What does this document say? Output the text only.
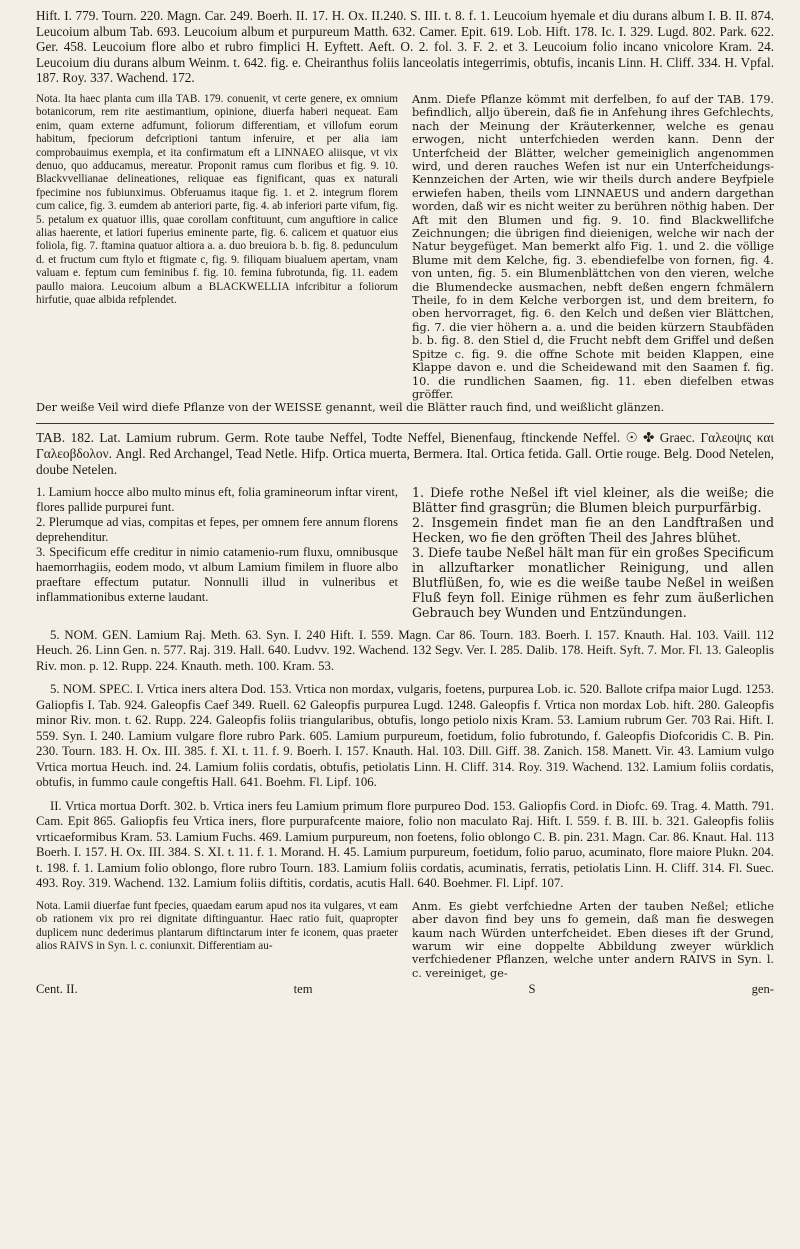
Hift. I. 779. Tourn. 220. Magn. Car. 249. Boerh. II. 17. H. Ox. II.240. S. III. t. 8. f. 1. Leucoium hyemale et diu durans album I. B. II. 874. Leucoium album Tab. 693. Leucoium album et purpureum Matth. 632. Camer. Epit. 619. Lob. Hift. 178. Ic. I. 329. Lugd. 802. Park. 622. Ger. 458. Leucoium flore albo et rubro fimplici H. Eyftett. Aeft. O. 2. fol. 3. F. 2. et 3. Leucoium folio incano vnicolore Kram. 24. Leucoium diu durans album Weinm. t. 642. fig. e. Cheiranthus foliis lanceolatis integerrimis, obtufis, incanis Linn. H. Cliff. 334. H. Vpfal. 187. Roy. 337. Wachend. 172.

Nota. Ita haec planta cum illa TAB. 179. conuenit, vt certe genere, ex omnium botanicorum, rem rite aestimantium, opinione, diuerfa haberi nequeat. Eam enim, quam externe adfumunt, foliorum differentiam, et villofum eorum habitum, fpeciorum defcriptioni tantum inferuire, et per alia iam comprobauimus exempla, et ita confirmatum eft a LINNAEO aliisque, vt vix denuo, quo adducamus, mereatur. Proponit ramus cum floribus et fig. 9. 10. Blackvvellianae delineationes, reliquae eas fignificant, quas ex naturali fpecimine nos fubiunximus. Obferuamus itaque fig. 1. et 2. integrum florem cum calice, fig. 3. eumdem ab anteriori parte, fig. 4. ab inferiori parte vifum, fig. 5. petalum ex quatuor illis, quae corollam conftituunt, cum anguftiore in calice alias haerente, et latiori fuperius eminente parte, fig. 6. calicem et quatuor eius foliola, fig. 7. ftamina quatuor altiora a. a. duo breuiora b. b. fig. 8. pedunculum d. et fructum cum ftylo et ftigmate c, fig. 9. filiquam biualuem apertam, vnam valuam e. feptum cum feminibus f. fig. 10. femina fubrotunda, fig. 11. eadem paullo maiora. Leucoium album a BLACKWELLIA infcribitur a foliorum hirfutie, quae albida refplendet.

Anm. Diefe Pflanze kömmt mit derfelben, fo auf der TAB. 179. befindlich, alljo überein, daß fie in Anfehung ihres Gefchlechts, nach der Meinung der Kräuterkenner, welche es genau erwogen, nicht unterfchieden werden kann. Denn der Unterfcheid der Blätter, welcher gemeiniglich angenommen wird, und deren rauches Wefen ist nur ein Unterfcheidungs-Kennzeichen der Arten, wie wir theils durch andere Beyfpiele erwiefen haben, theils vom LINNAEUS und andern dargethan worden, daß wir es nicht weiter zu berühren nöthig haben. Der Aft mit den Blumen und fig. 9. 10. find Blackwellifche Zeichnungen; die übrigen find dieienigen, welche wir nach der Natur beygefüget. Man bemerkt alfo Fig. 1. und 2. die völlige Blume mit dem Kelche, fig. 3. ebendiefelbe von fornen, fig. 4. von unten, fig. 5. ein Blumenblättchen von den vieren, welche die Blumendecke ausmachen, nebft deßen engern fchmälern Theile, fo in dem Kelche verborgen ist, und dem breitern, fo oben hervorraget, fig. 6. den Kelch und deßen vier Blättchen, fig. 7. die vier höhern a. a. und die beiden kürzern Staubfäden b. b. fig. 8. den Stiel d, die Frucht nebft dem Griffel und deßen Spitze c. fig. 9. die offne Schote mit beiden Klappen, eine Klappe davon e. und die Scheidewand mit den Saamen f. fig. 10. die rundlichen Saamen, fig. 11. eben diefelben etwas gröffer.

Der weiße Veil wird diefe Pflanze von der WEISSE genannt, weil die Blätter rauch find, und weißlicht glänzen.

TAB. 182. Lat. Lamium rubrum. Germ. Rote taube Neffel, Todte Neffel, Bienenfaug, ftinckende Neffel. ☉ ✤ Graec. Γαλεοψις και Γαλεοβδολον. Angl. Red Archangel, Tead Netle. Hifp. Ortica muerta, Bermera. Ital. Ortica fetida. Gall. Ortie rouge. Belg. Dood Netelen, doube Netelen.

1. Lamium hocce albo multo minus eft, folia gramineorum inftar virent, flores pallide purpurei funt.

2. Plerumque ad vias, compitas et fepes, per omnem fere annum florens deprehenditur.

3. Specificum effe creditur in nimio catamenio-rum fluxu, omnibusque haemorrhagiis, eodem modo, vt album Lamium fimilem in fluore albo praeftare effectum putatur. Nonnulli illud in vulneribus et inflammationibus externe laudant.

1. Diefe rothe Neßel ift viel kleiner, als die weiße; die Blätter find grasgrün; die Blumen bleich purpurfärbig.

2. Insgemein findet man fie an den Landftraßen und Hecken, wo fie den gröften Theil des Jahres blühet.

3. Diefe taube Neßel hält man für ein großes Specificum in allzuftarker monatlicher Reinigung, und allen Blutflüßen, fo, wie es die weiße taube Neßel in weißen Fluß feyn foll. Einige rühmen es fehr zum äußerlichen Gebrauch bey Wunden und Entzündungen.

5. NOM. GEN. Lamium Raj. Meth. 63. Syn. I. 240 Hift. I. 559. Magn. Car 86. Tourn. 183. Boerh. I. 157. Knauth. Hal. 103. Vaill. 112 Heuch. 26. Linn Gen. n. 577. Raj. 319. Hall. 640. Ludvv. 192. Wachend. 132 Segv. Ver. I. 285. Dalib. 178. Heift. Syft. 7. Mor. Fl. 13. Galeoplis Riv. mon. p. 12. Rupp. 224. Knauth. meth. 100. Kram. 53.

5. NOM. SPEC. I. Vrtica iners altera Dod. 153. Vrtica non mordax, vulgaris, foetens, purpurea Lob. ic. 520. Ballote crifpa maior Lugd. 1253. Galiopfis I. Tab. 924. Galeopfis Caef 349. Ruell. 62 Galeopfis purpurea Lugd. 1248. Galeopfis f. Vrtica non mordax Lob. hift. 280. Galeopfis minor Riv. mon. t. 62. Rupp. 224. Galeopfis foliis triangularibus, obtufis, longo petiolo nixis Kram. 53. Lamium rubrum Ger. 703 Rai. Hift. I. 559. Syn. I. 240. Lamium vulgare flore rubro Park. 605. Lamium purpureum, foetidum, folio fubrotundo, f. Galeopfis Diofcoridis C. B. Pin. 230. Tourn. 183. H. Ox. III. 385. f. XI. t. 11. f. 9. Boerh. I. 157. Knauth. Hal. 103. Dill. Giff. 38. Zanich. 158. Manett. Vir. 43. Lamium vulgo Vrtica mortua Heuch. ind. 24. Lamium foliis cordatis, obtufis, petiolatis Linn. H. Cliff. 314. Roy. 319. Wachend. 132. Lamium foliis cordatis, obtufis, in fummo caule congeftis Hall. 641. Boehm. Fl. Lipf. 106.

II. Vrtica mortua Dorft. 302. b. Vrtica iners feu Lamium primum flore purpureo Dod. 153. Galiopfis Cord. in Diofc. 69. Trag. 4. Matth. 791. Cam. Epit 865. Galiopfis feu Vrtica iners, flore purpurafcente maiore, folio non maculato Raj. Hift. I. 559. f. B. III. b. 321. Galeopfis foliis vrticaeformibus Kram. 53. Lamium Fuchs. 469. Lamium purpureum, non foetens, folio oblongo C. B. pin. 231. Magn. Car. 86. Knaut. Hal. 113 Boerh. I. 157. H. Ox. III. 384. S. XI. t. 11. f. 1. Morand. H. 45. Lamium purpureum, foetidum, folio paruo, acuminato, flore maiore Plukn. 204. t. 198. f. 1. Lamium folio oblongo, flore rubro Tourn. 183. Lamium foliis cordatis, acuminatis, ferratis, petiolatis Linn. H. Cliff. 314. Fl. Suec. 493. Roy. 319. Wachend. 132. Lamium foliis diftitis, cordatis, acutis Hall. 640. Boehmer. Fl. Lipf. 107.

Nota. Lamii diuerfae funt fpecies, quaedam earum apud nos ita vulgares, vt eam ob rationem vix pro rei dignitate diftinguantur. Haec ratio fuit, quapropter duplicem nunc dederimus plantarum diftinctarum inter fe iconem, quas praeter alios RAIVS in Syn. l. c. coniunxit. Differentiam au-

Anm. Es giebt verfchiedne Arten der tauben Neßel; etliche aber davon find bey uns fo gemein, daß man fie deswegen kaum nach Würden unterfcheidet. Eben dieses ift der Grund, warum wir eine doppelte Abbildung zweyer würklich verfchiedener Pflanzen, welche unter andern RAIVS in Syn. l. c. vereiniget, ge-

Cent. II.	tem	S	gen-
